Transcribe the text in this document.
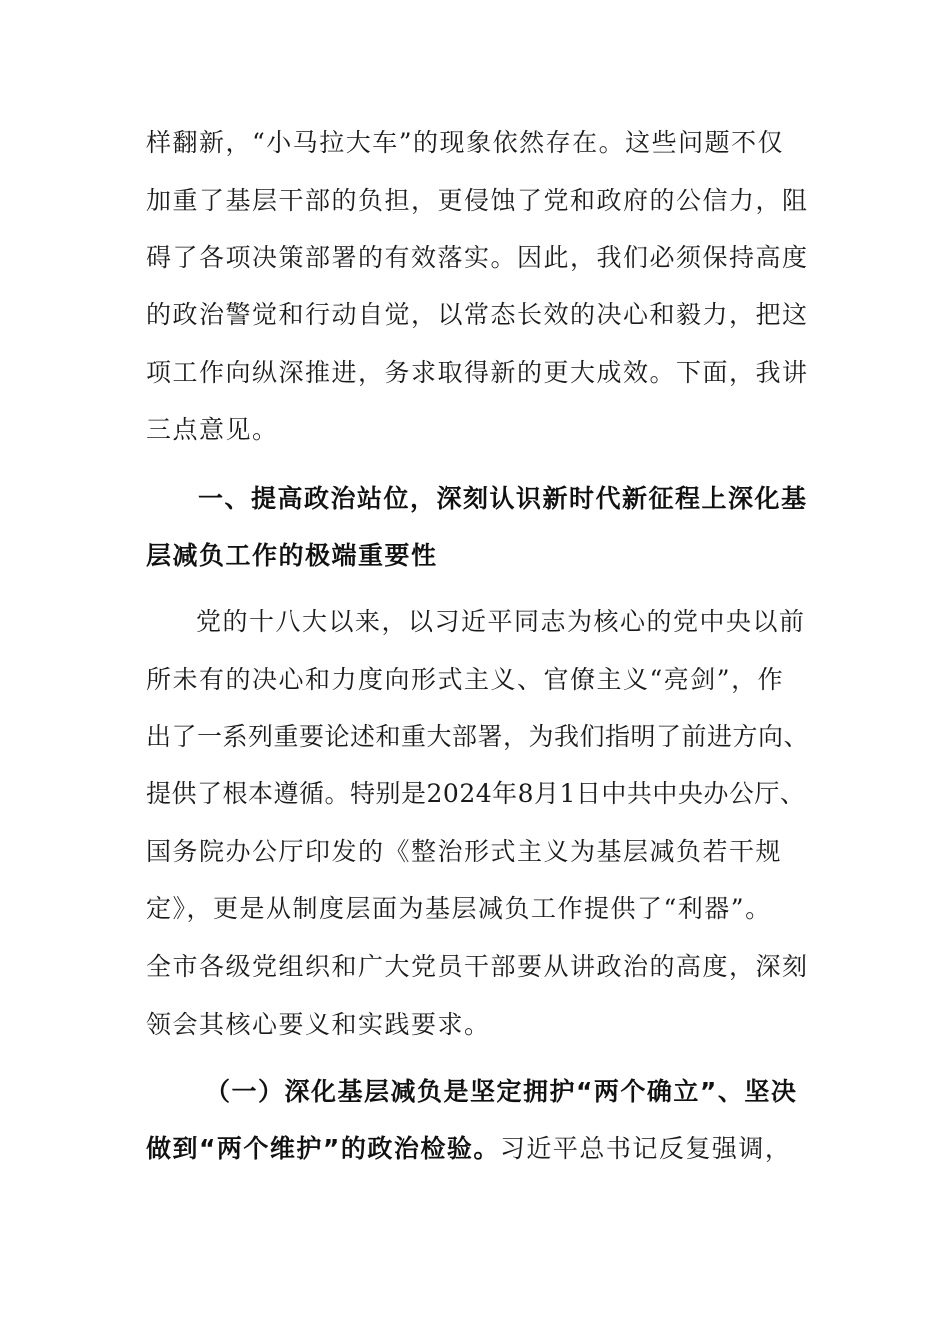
样翻新，“小马拉大车”的现象依然存在。这些问题不仅
加重了基层干部的负担，更侵蚀了党和政府的公信力，阻
碍了各项决策部署的有效落实。因此，我们必须保持高度
的政治警觉和行动自觉，以常态长效的决心和毅力，把这
项工作向纵深推进，务求取得新的更大成效。下面，我讲
三点意见。
一、提高政治站位，深刻认识新时代新征程上深化基
层减负工作的极端重要性
党的十八大以来，以习近平同志为核心的党中央以前
所未有的决心和力度向形式主义、官僚主义“亮剑”，作
出了一系列重要论述和重大部署，为我们指明了前进方向、
提供了根本遵循。特别是2024年8月1日中共中央办公厅、
国务院办公厅印发的《整治形式主义为基层减负若干规
定》，更是从制度层面为基层减负工作提供了“利器”。
全市各级党组织和广大党员干部要从讲政治的高度，深刻
领会其核心要义和实践要求。
（一）深化基层减负是坚定拥护“两个确立”、坚决
做到“两个维护”的政治检验。习近平总书记反复强调，
